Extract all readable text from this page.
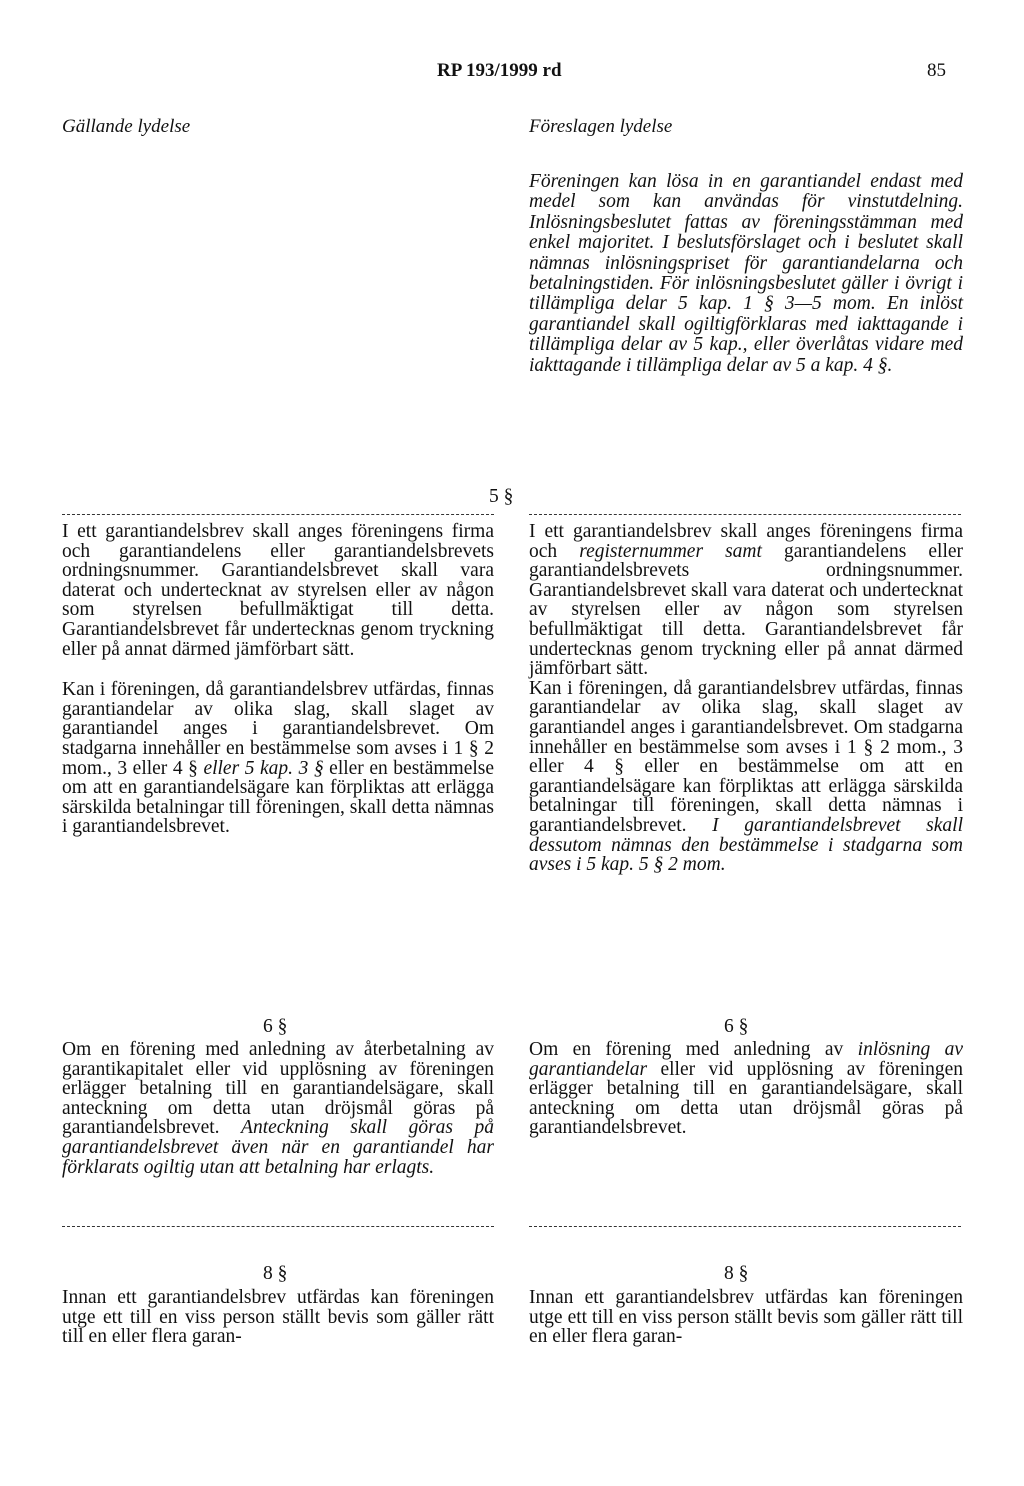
RP 193/1999 rd	85
Gällande lydelse	Föreslagen lydelse

Föreningen kan lösa in en garantiandel endast med medel som kan användas för vinstutdelning. Inlösningsbeslutet fattas av föreningsstämman med enkel majoritet. I beslutsförslaget och i beslutet skall nämnas inlösningspriset för garantiandelarna och betalningstiden. För inlösningsbeslutet gäller i övrigt i tillämpliga delar 5 kap. 1 § 3—5 mom. En inlöst garantiandel skall ogiltigförklaras med iakttagande i tillämpliga delar av 5 kap., eller överlåtas vidare med iakttagande i tillämpliga delar av 5 a kap. 4 §.

5 §

I ett garantiandelsbrev skall anges föreningens firma och garantiandelens eller garantiandelsbrevets ordningsnummer. Garantiandelsbrevet skall vara daterat och undertecknat av styrelsen eller av någon som styrelsen befullmäktigat till detta. Garantiandelsbrevet får undertecknas genom tryckning eller på annat därmed jämförbart sätt.

Kan i föreningen, då garantiandelsbrev utfärdas, finnas garantiandelar av olika slag, skall slaget av garantiandel anges i garantiandelsbrevet. Om stadgarna innehåller en bestämmelse som avses i 1 § 2 mom., 3 eller 4 § eller 5 kap. 3 § eller en bestämmelse om att en garantiandelsägare kan förpliktas att erlägga särskilda betalningar till föreningen, skall detta nämnas i garantiandelsbrevet.

I ett garantiandelsbrev skall anges föreningens firma och registernummer samt garantiandelens eller garantiandelsbrevets ordningsnummer. Garantiandelsbrevet skall vara daterat och undertecknat av styrelsen eller av någon som styrelsen befullmäktigat till detta. Garantiandelsbrevet får undertecknas genom tryckning eller på annat därmed jämförbart sätt.

Kan i föreningen, då garantiandelsbrev utfärdas, finnas garantiandelar av olika slag, skall slaget av garantiandel anges i garantiandelsbrevet. Om stadgarna innehåller en bestämmelse som avses i 1 § 2 mom., 3 eller 4 § eller en bestämmelse om att en garantiandelsägare kan förpliktas att erlägga särskilda betalningar till föreningen, skall detta nämnas i garantiandelsbrevet. I garantiandelsbrevet skall dessutom nämnas den bestämmelse i stadgarna som avses i 5 kap. 5 § 2 mom.

6 §	6 §

Om en förening med anledning av återbetalning av garantikapitalet eller vid upplösning av föreningen erlägger betalning till en garantiandelsägare, skall anteckning om detta utan dröjsmål göras på garantiandelsbrevet. Anteckning skall göras på garantiandelsbrevet även när en garantiandel har förklarats ogiltig utan att betalning har erlagts.

Om en förening med anledning av inlösning av garantiandelar eller vid upplösning av föreningen erlägger betalning till en garantiandelsägare, skall anteckning om detta utan dröjsmål göras på garantiandelsbrevet.

8 §	8 §

Innan ett garantiandelsbrev utfärdas kan föreningen utge ett till en viss person ställt bevis som gäller rätt till en eller flera garan-

Innan ett garantiandelsbrev utfärdas kan föreningen utge ett till en viss person ställt bevis som gäller rätt till en eller flera garan-
